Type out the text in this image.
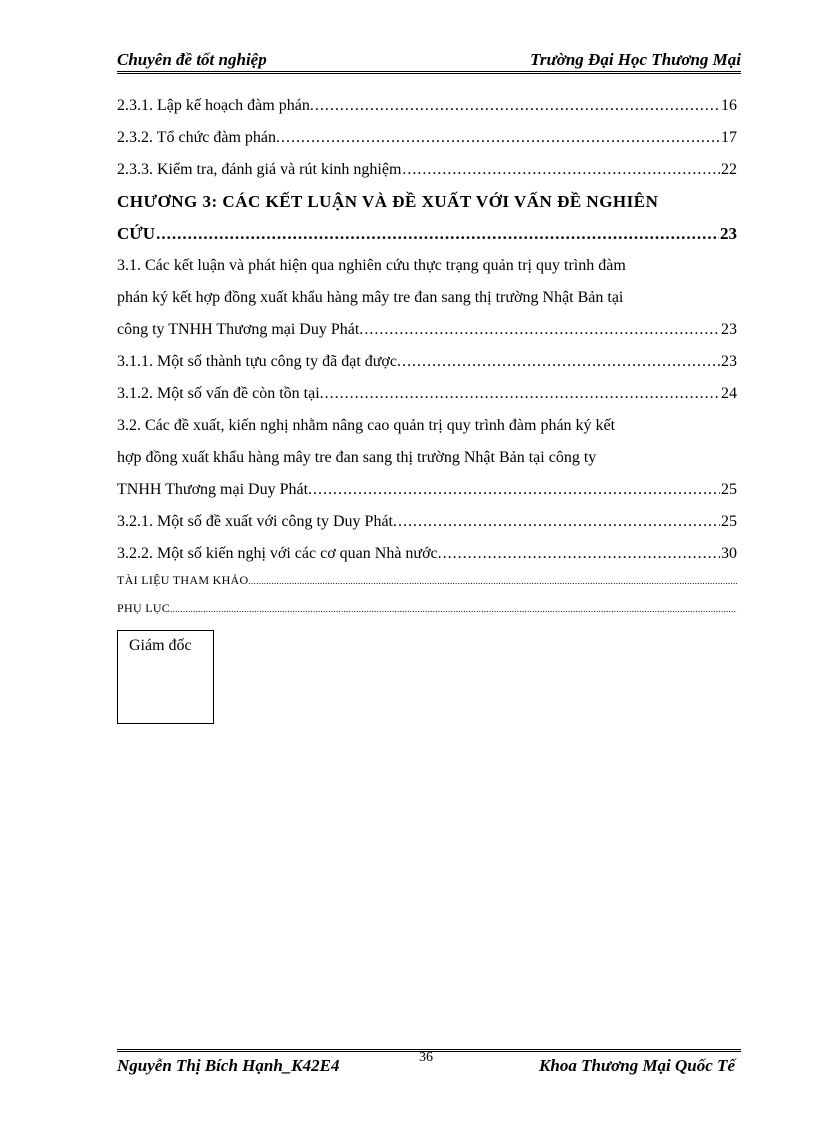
Chuyên đề tốt nghiệp	Trường Đại Học Thương Mại
2.3.1. Lập kế hoạch đàm phán. .....	16
2.3.2. Tổ chức đàm phán. .....	17
2.3.3. Kiểm tra, đánh giá và rút kinh nghiệm .....	22
CHƯƠNG 3: CÁC KẾT LUẬN VÀ ĐỀ XUẤT VỚI VẤN ĐỀ NGHIÊN
CỨU .....	23
3.1. Các kết luận và phát hiện qua nghiên cứu thực trạng quản trị quy trình đàm
phán ký kết hợp đồng xuất khẩu hàng mây tre đan sang thị trường Nhật Bản tại
công ty TNHH Thương mại Duy Phát. .....	23
3.1.1. Một số thành tựu công ty đã đạt được. .....	23
3.1.2. Một số vấn đề còn tồn tại. .....	24
3.2. Các đề xuất, kiến nghị nhằm nâng cao quản trị quy trình đàm phán ký kết
hợp đồng xuất khẩu hàng mây tre đan sang thị trường Nhật Bản tại công ty
TNHH Thương mại Duy Phát. .....	25
3.2.1. Một số đề xuất với công ty Duy Phát. .....	25
3.2.2. Một số kiến nghị với các cơ quan Nhà nước. .....	30
TÀI LIỆU THAM KHẢO
.....
PHỤ LỤC
.....
Giám đốc
Nguyễn Thị Bích Hạnh_K42E4	36	Khoa Thương Mại Quốc Tế
